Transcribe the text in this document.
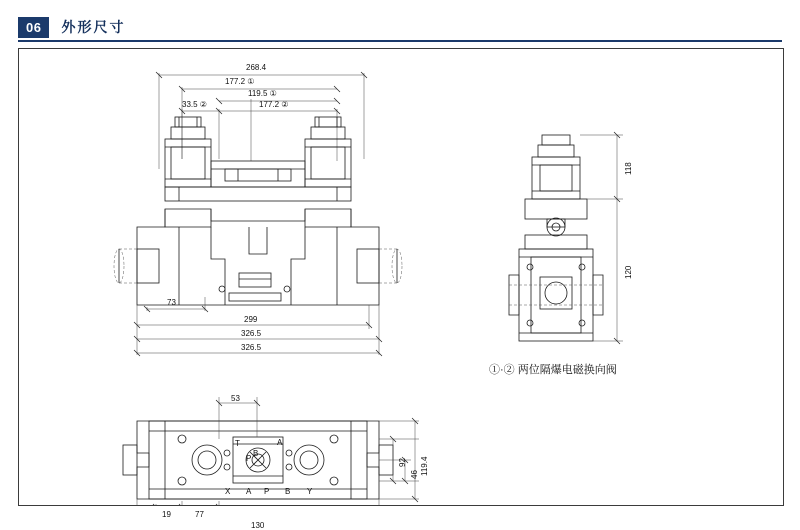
06	外形尺寸
268.4
177.2 ①
119.5 ①
33.5 ②	177.2 ②
73
299
326.5
326.5
118
120
53
92
46 119.4
19	77
130
X A P B Y
T	A
B
P
①·② 两位隔爆电磁换向阀
